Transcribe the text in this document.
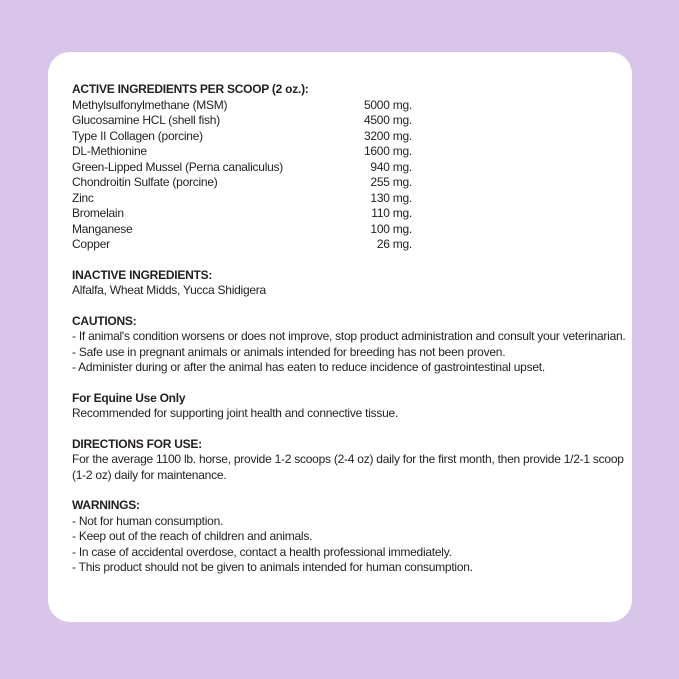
ACTIVE INGREDIENTS PER SCOOP (2 oz.):
Methylsulfonylmethane (MSM)	5000 mg.
Glucosamine HCL (shell fish)	4500 mg.
Type II Collagen (porcine)	3200 mg.
DL-Methionine	1600 mg.
Green-Lipped Mussel (Perna canaliculus)	940 mg.
Chondroitin Sulfate (porcine)	255 mg.
Zinc	130 mg.
Bromelain	110 mg.
Manganese	100 mg.
Copper	26 mg.
INACTIVE INGREDIENTS:
Alfalfa, Wheat Midds, Yucca Shidigera
CAUTIONS:
- If animal's condition worsens or does not improve, stop product administration and consult your veterinarian.
- Safe use in pregnant animals or animals intended for breeding has not been proven.
- Administer during or after the animal has eaten to reduce incidence of gastrointestinal upset.
For Equine Use Only
Recommended for supporting joint health and connective tissue.
DIRECTIONS FOR USE:
For the average 1100 lb. horse, provide 1-2 scoops (2-4 oz) daily for the first month, then provide 1/2-1 scoop (1-2 oz) daily for maintenance.
WARNINGS:
- Not for human consumption.
- Keep out of the reach of children and animals.
- In case of accidental overdose, contact a health professional immediately.
- This product should not be given to animals intended for human consumption.
